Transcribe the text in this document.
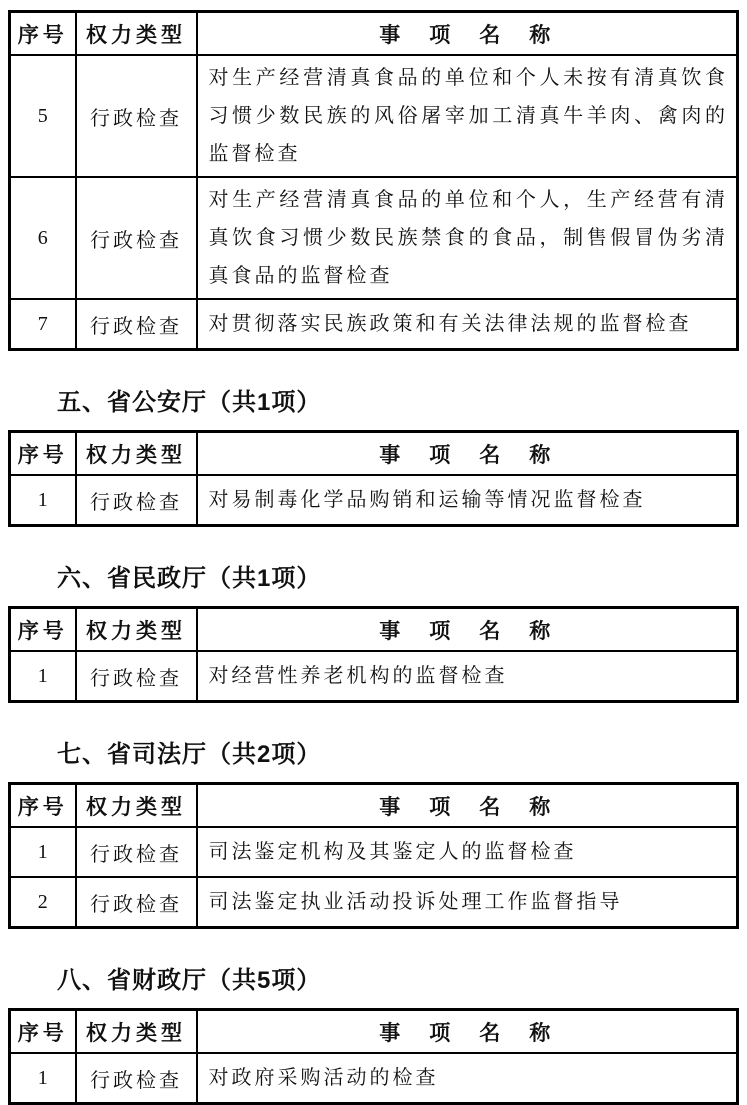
序号	权力类型	事　项　名　称
5	行政检查	对生产经营清真食品的单位和个人未按有清真饮食习惯少数民族的风俗屠宰加工清真牛羊肉、禽肉的监督检查
6	行政检查	对生产经营清真食品的单位和个人，生产经营有清真饮食习惯少数民族禁食的食品，制售假冒伪劣清真食品的监督检查
7	行政检查	对贯彻落实民族政策和有关法律法规的监督检查
五、省公安厅（共1项）
序号	权力类型	事　项　名　称
1	行政检查	对易制毒化学品购销和运输等情况监督检查
六、省民政厅（共1项）
序号	权力类型	事　项　名　称
1	行政检查	对经营性养老机构的监督检查
七、省司法厅（共2项）
序号	权力类型	事　项　名　称
1	行政检查	司法鉴定机构及其鉴定人的监督检查
2	行政检查	司法鉴定执业活动投诉处理工作监督指导
八、省财政厅（共5项）
序号	权力类型	事　项　名　称
1	行政检查	对政府采购活动的检查
